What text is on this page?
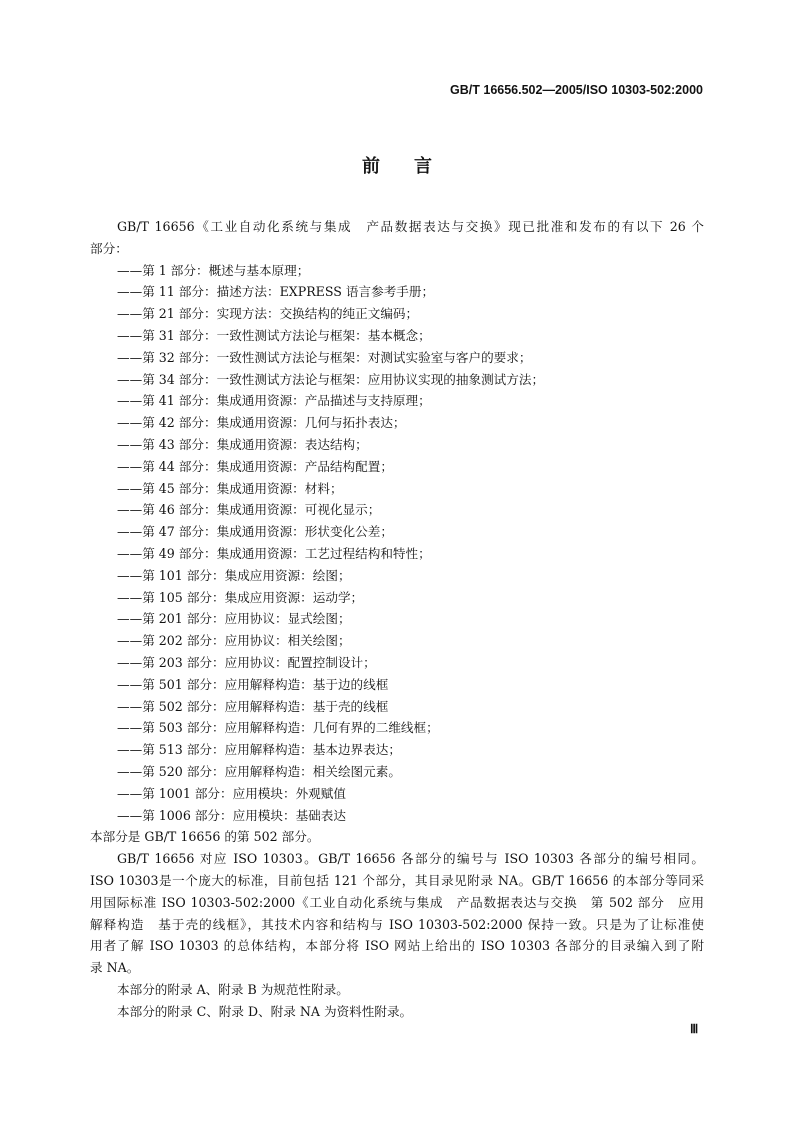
GB/T 16656.502—2005/ISO 10303-502:2000
前言
GB/T 16656《工业自动化系统与集成　产品数据表达与交换》现已批准和发布的有以下 26 个
部分：
——第 1 部分：概述与基本原理；
——第 11 部分：描述方法：EXPRESS 语言参考手册；
——第 21 部分：实现方法：交换结构的纯正文编码；
——第 31 部分：一致性测试方法论与框架：基本概念；
——第 32 部分：一致性测试方法论与框架：对测试实验室与客户的要求；
——第 34 部分：一致性测试方法论与框架：应用协议实现的抽象测试方法；
——第 41 部分：集成通用资源：产品描述与支持原理；
——第 42 部分：集成通用资源：几何与拓扑表达；
——第 43 部分：集成通用资源：表达结构；
——第 44 部分：集成通用资源：产品结构配置；
——第 45 部分：集成通用资源：材料；
——第 46 部分：集成通用资源：可视化显示；
——第 47 部分：集成通用资源：形状变化公差；
——第 49 部分：集成通用资源：工艺过程结构和特性；
——第 101 部分：集成应用资源：绘图；
——第 105 部分：集成应用资源：运动学；
——第 201 部分：应用协议：显式绘图；
——第 202 部分：应用协议：相关绘图；
——第 203 部分：应用协议：配置控制设计；
——第 501 部分：应用解释构造：基于边的线框
——第 502 部分：应用解释构造：基于壳的线框
——第 503 部分：应用解释构造：几何有界的二维线框；
——第 513 部分：应用解释构造：基本边界表达；
——第 520 部分：应用解释构造：相关绘图元素。
——第 1001 部分：应用模块：外观赋值
——第 1006 部分：应用模块：基础表达
本部分是 GB/T 16656 的第 502 部分。
GB/T 16656 对应 ISO 10303。GB/T 16656 各部分的编号与 ISO 10303 各部分的编号相同。
ISO 10303是一个庞大的标准，目前包括 121 个部分，其目录见附录 NA。GB/T 16656 的本部分等同采
用国际标准 ISO 10303-502:2000《工业自动化系统与集成　产品数据表达与交换　第 502 部分　应用
解释构造　基于壳的线框》，其技术内容和结构与 ISO 10303-502:2000 保持一致。只是为了让标准使
用者了解 ISO 10303 的总体结构，本部分将 ISO 网站上给出的 ISO 10303 各部分的目录编入到了附
录 NA。
本部分的附录 A、附录 B 为规范性附录。
本部分的附录 C、附录 D、附录 NA 为资料性附录。
Ⅲ
